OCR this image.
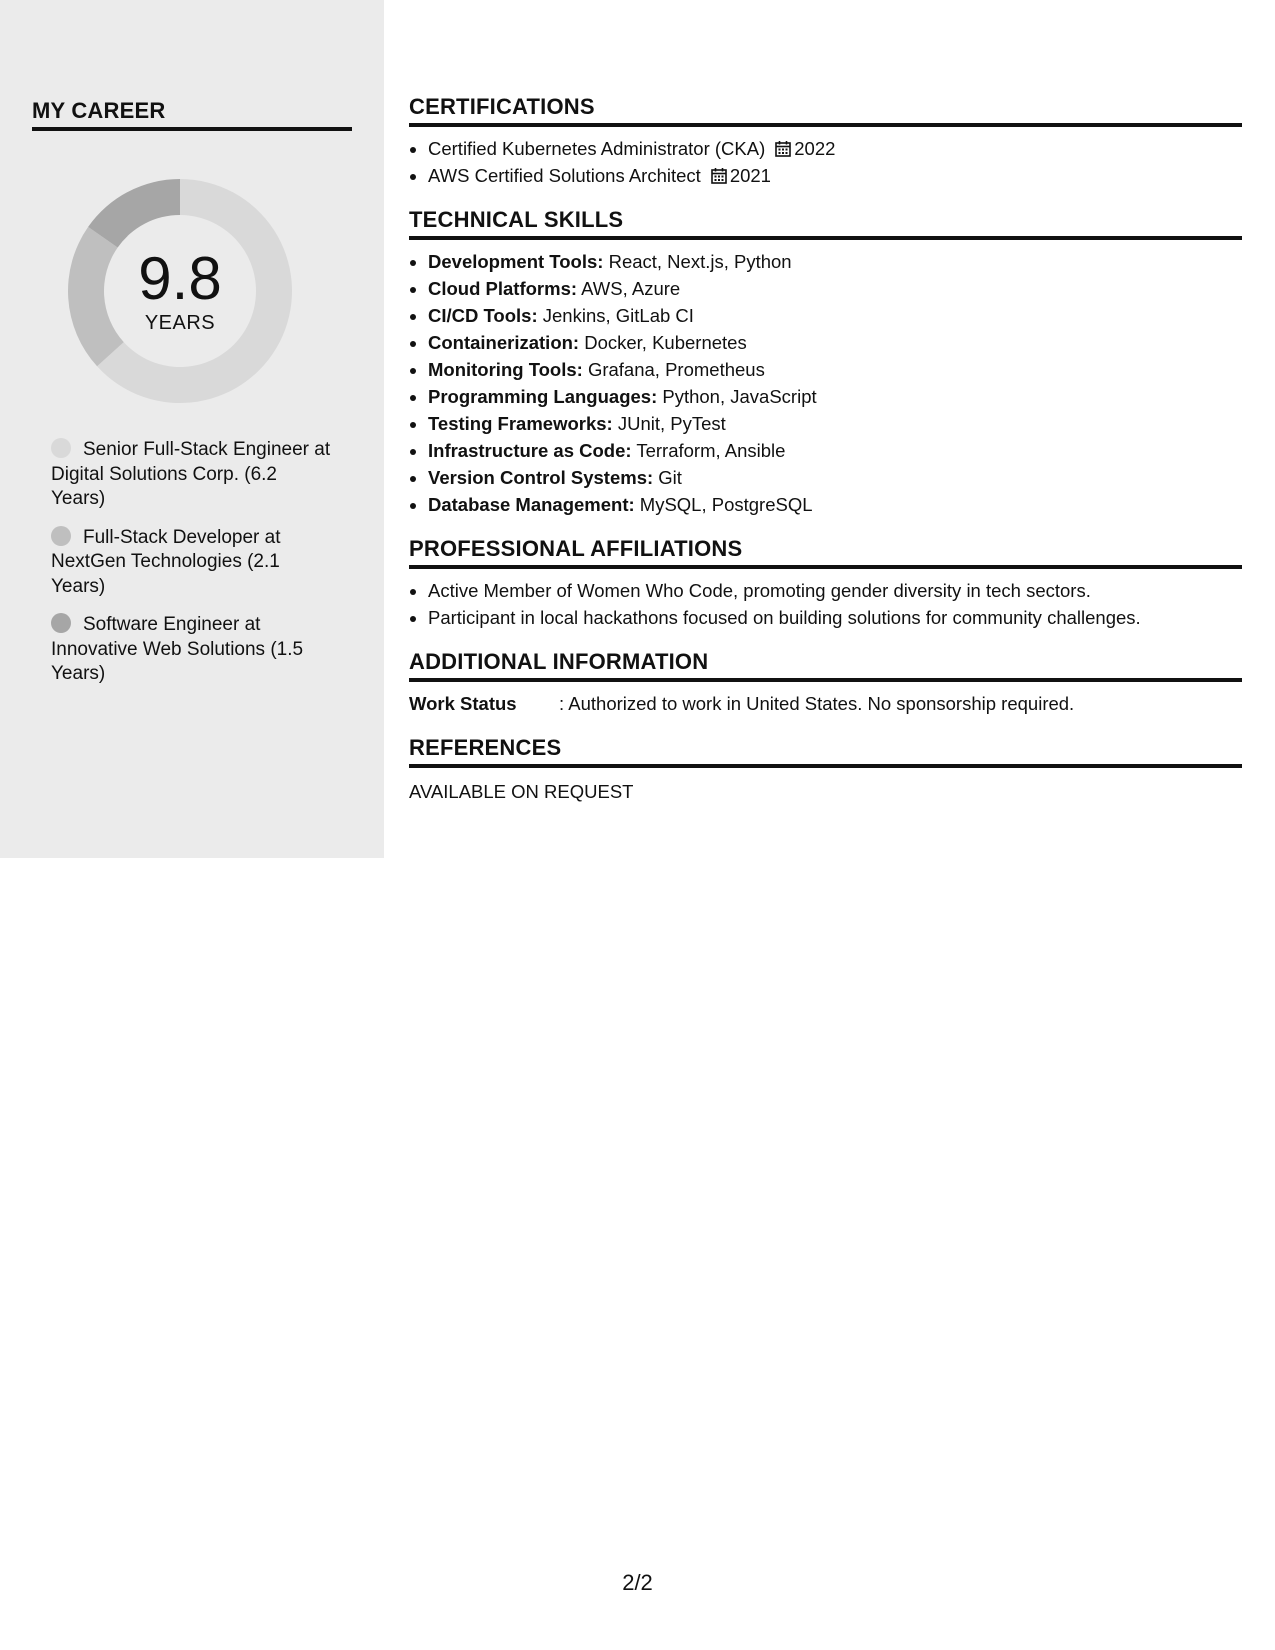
MY CAREER
9.8
YEARS
Senior Full-Stack Engineer at Digital Solutions Corp. (6.2 Years)
Full-Stack Developer at NextGen Technologies (2.1 Years)
Software Engineer at Innovative Web Solutions (1.5 Years)
CERTIFICATIONS
• Certified Kubernetes Administrator (CKA) 2022
• AWS Certified Solutions Architect 2021
TECHNICAL SKILLS
• Development Tools: React, Next.js, Python
• Cloud Platforms: AWS, Azure
• CI/CD Tools: Jenkins, GitLab CI
• Containerization: Docker, Kubernetes
• Monitoring Tools: Grafana, Prometheus
• Programming Languages: Python, JavaScript
• Testing Frameworks: JUnit, PyTest
• Infrastructure as Code: Terraform, Ansible
• Version Control Systems: Git
• Database Management: MySQL, PostgreSQL
PROFESSIONAL AFFILIATIONS
• Active Member of Women Who Code, promoting gender diversity in tech sectors.
• Participant in local hackathons focused on building solutions for community challenges.
ADDITIONAL INFORMATION
Work Status : Authorized to work in United States. No sponsorship required.
REFERENCES
AVAILABLE ON REQUEST
2/2
